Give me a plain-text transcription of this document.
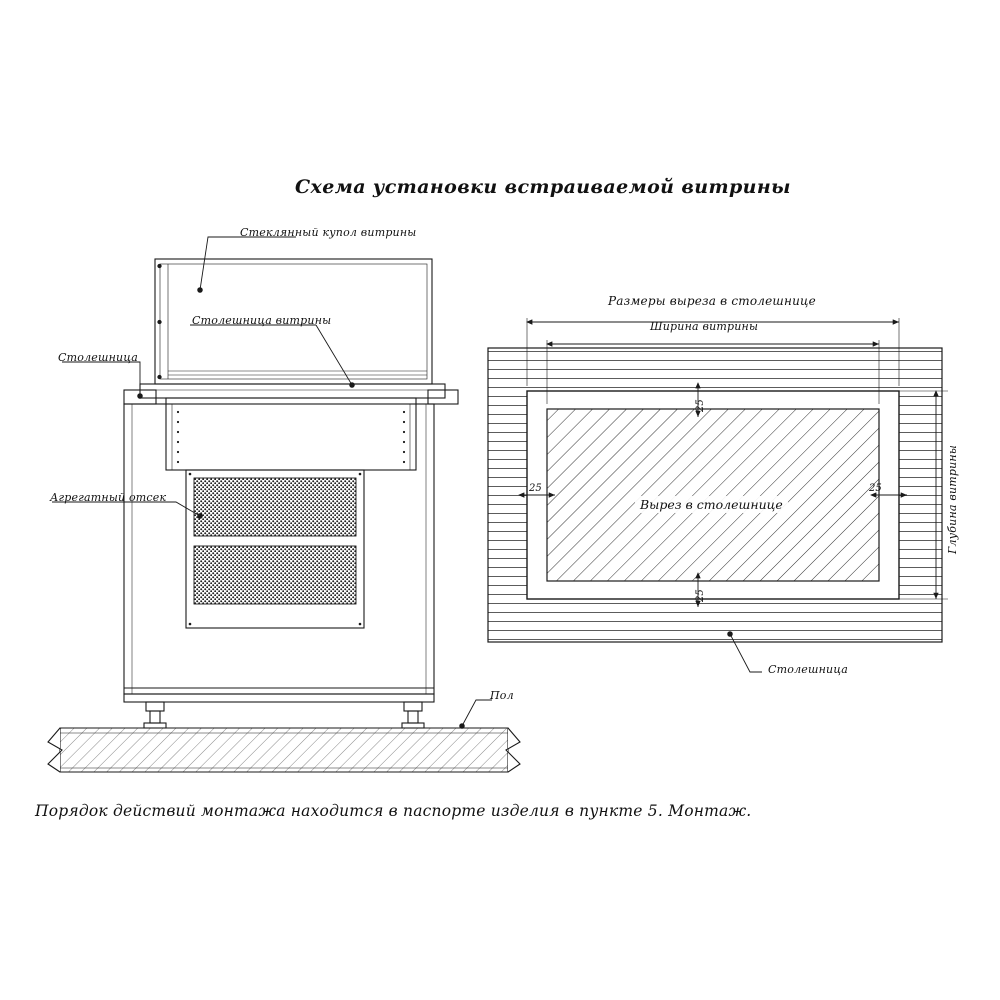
Схема установки встраиваемой витрины
Стеклянный купол витрины
Столешница витрины
Столешница
Агрегатный отсек
Пол
Размеры выреза в столешнице
Ширина витрины
Глубина витрины
Вырез в столешнице
Столешница
25
25
25	25
Порядок действий монтажа находится в паспорте изделия в пункте 5. Монтаж.
